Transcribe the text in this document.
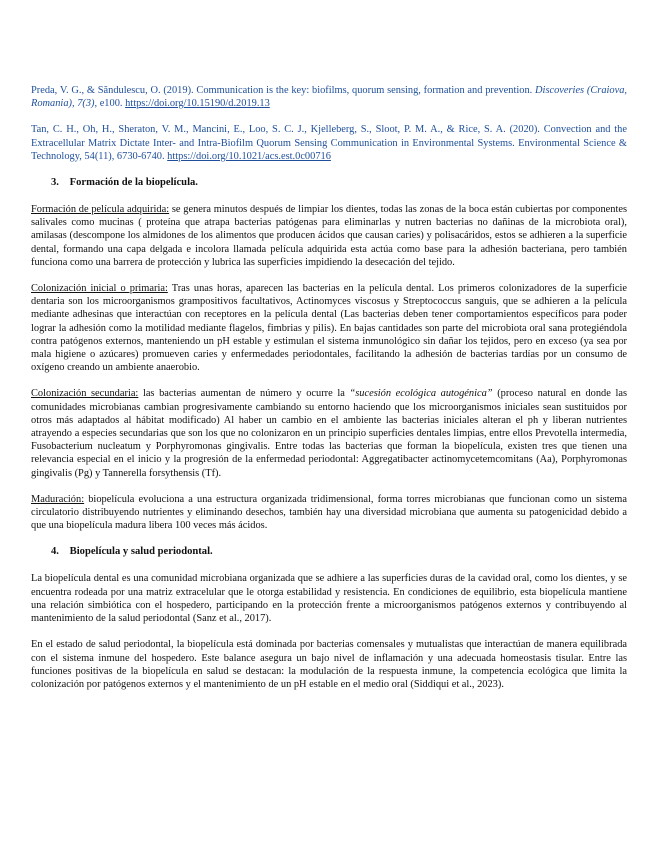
Preda, V. G., & Săndulescu, O. (2019). Communication is the key: biofilms, quorum sensing, formation and prevention. Discoveries (Craiova, Romania), 7(3), e100. https://doi.org/10.15190/d.2019.13

Tan, C. H., Oh, H., Sheraton, V. M., Mancini, E., Loo, S. C. J., Kjelleberg, S., Sloot, P. M. A., & Rice, S. A. (2020). Convection and the Extracellular Matrix Dictate Inter- and Intra-Biofilm Quorum Sensing Communication in Environmental Systems. Environmental Science & Technology, 54(11), 6730-6740. https://doi.org/10.1021/acs.est.0c00716

3. Formación de la biopelícula.

Formación de película adquirida: se genera minutos después de limpiar los dientes, todas las zonas de la boca están cubiertas por componentes salivales como mucinas ( proteína que atrapa bacterias patógenas para eliminarlas y nutren bacterias no dañinas de la microbiota oral), amilasas (descompone los almidones de los alimentos que producen ácidos que causan caries) y polisacáridos, estos se adhieren a la superficie dental, formando una capa delgada e incolora llamada película adquirida esta actúa como base para la adhesión bacteriana, pero también funciona como una barrera de protección y lubrica las superficies impidiendo la desecación del tejido.

Colonización inicial o primaria: Tras unas horas, aparecen las bacterias en la película dental. Los primeros colonizadores de la superficie dentaria son los microorganismos grampositivos facultativos, Actinomyces viscosus y Streptococcus sanguis, que se adhieren a la película mediante adhesinas que interactúan con receptores en la película dental (Las bacterias deben tener comportamientos específicos para poder lograr la adhesión como la motilidad mediante flagelos, fimbrias y pilis). En bajas cantidades son parte del microbiota oral sana protegiéndola contra patógenos externos, manteniendo un pH estable y estimulan el sistema inmunológico sin dañar los tejidos, pero en exceso (ya sea por mala higiene o azúcares) promueven caries y enfermedades periodontales, facilitando la adhesión de bacterias tardías por un consumo de oxígeno creando un ambiente anaerobio.

Colonización secundaria: las bacterias aumentan de número y ocurre la “sucesión ecológica autogénica” (proceso natural en donde las comunidades microbianas cambian progresivamente cambiando su entorno haciendo que los microorganismos iniciales sean sustituidos por otros más adaptados al hábitat modificado) Al haber un cambio en el ambiente las bacterias iniciales alteran el ph y liberan nutrientes atrayendo a especies secundarias que son los que no colonizaron en un principio superficies dentales limpias, entre ellos Prevotella intermedia, Fusobacterium nucleatum y Porphyromonas gingivalis. Entre todas las bacterias que forman la biopelícula, existen tres que tienen una relevancia especial en el inicio y la progresión de la enfermedad periodontal: Aggregatibacter actinomycetemcomitans (Aa), Porphyromonas gingivalis (Pg) y Tannerella forsythensis (Tf).

Maduración: biopelícula evoluciona a una estructura organizada tridimensional, forma torres microbianas que funcionan como un sistema circulatorio distribuyendo nutrientes y eliminando desechos, también hay una diversidad microbiana que aumenta su patogenicidad debido a que una biopelícula madura libera 100 veces más ácidos.

4. Biopelícula y salud periodontal.

La biopelícula dental es una comunidad microbiana organizada que se adhiere a las superficies duras de la cavidad oral, como los dientes, y se encuentra rodeada por una matriz extracelular que le otorga estabilidad y resistencia. En condiciones de equilibrio, esta biopelícula mantiene una relación simbiótica con el hospedero, participando en la protección frente a microorganismos patógenos externos y contribuyendo al mantenimiento de la salud periodontal (Sanz et al., 2017).

En el estado de salud periodontal, la biopelícula está dominada por bacterias comensales y mutualistas que interactúan de manera equilibrada con el sistema inmune del hospedero. Este balance asegura un bajo nivel de inflamación y una adecuada homeostasis tisular. Entre las funciones positivas de la biopelícula en salud se destacan: la modulación de la respuesta inmune, la competencia ecológica que limita la colonización por patógenos externos y el mantenimiento de un pH estable en el medio oral (Siddiqui et al., 2023).
